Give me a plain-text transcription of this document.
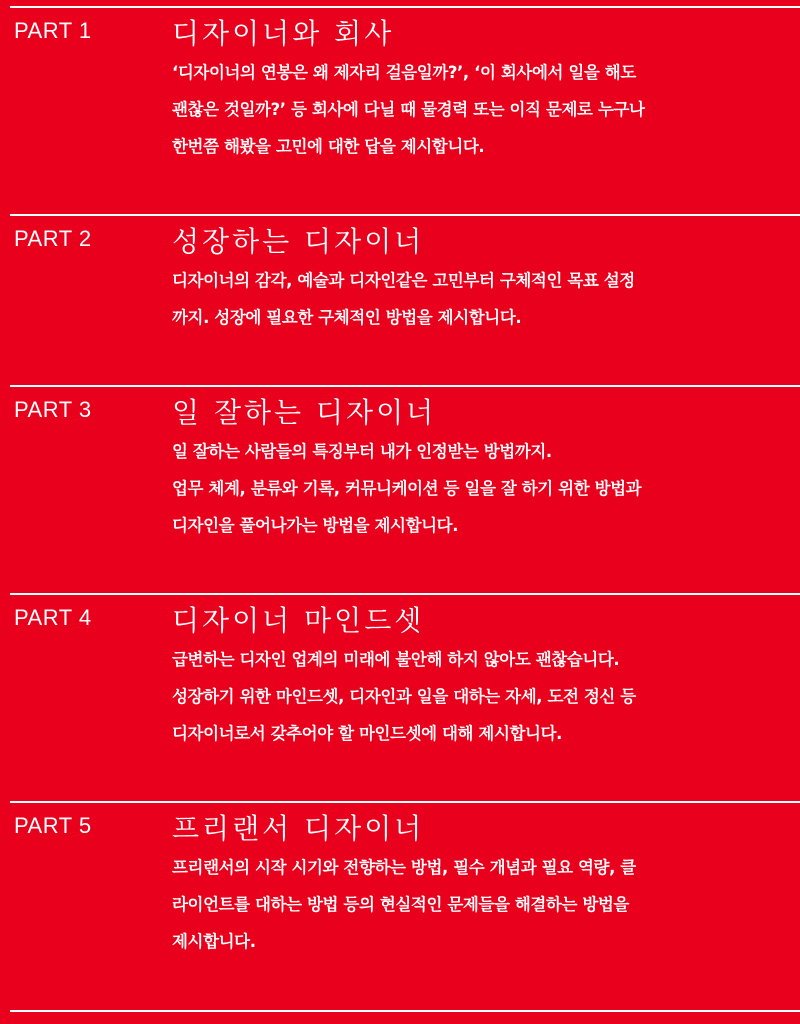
PART 1	디자이너와 회사
‘디자이너의 연봉은 왜 제자리 걸음일까?’, ‘이 회사에서 일을 해도
괜찮은 것일까?’ 등 회사에 다닐 때 물경력 또는 이직 문제로 누구나
한번쯤 해봤을 고민에 대한 답을 제시합니다.
PART 2	성장하는 디자이너
디자이너의 감각, 예술과 디자인같은 고민부터 구체적인 목표 설정
까지. 성장에 필요한 구체적인 방법을 제시합니다.
PART 3	일 잘하는 디자이너
일 잘하는 사람들의 특징부터 내가 인정받는 방법까지.
업무 체계, 분류와 기록, 커뮤니케이션 등 일을 잘 하기 위한 방법과
디자인을 풀어나가는 방법을 제시합니다.
PART 4	디자이너 마인드셋
급변하는 디자인 업계의 미래에 불안해 하지 않아도 괜찮습니다.
성장하기 위한 마인드셋, 디자인과 일을 대하는 자세, 도전 정신 등
디자이너로서 갖추어야 할 마인드셋에 대해 제시합니다.
PART 5	프리랜서 디자이너
프리랜서의 시작 시기와 전향하는 방법, 필수 개념과 필요 역량, 클
라이언트를 대하는 방법 등의 현실적인 문제들을 해결하는 방법을
제시합니다.
